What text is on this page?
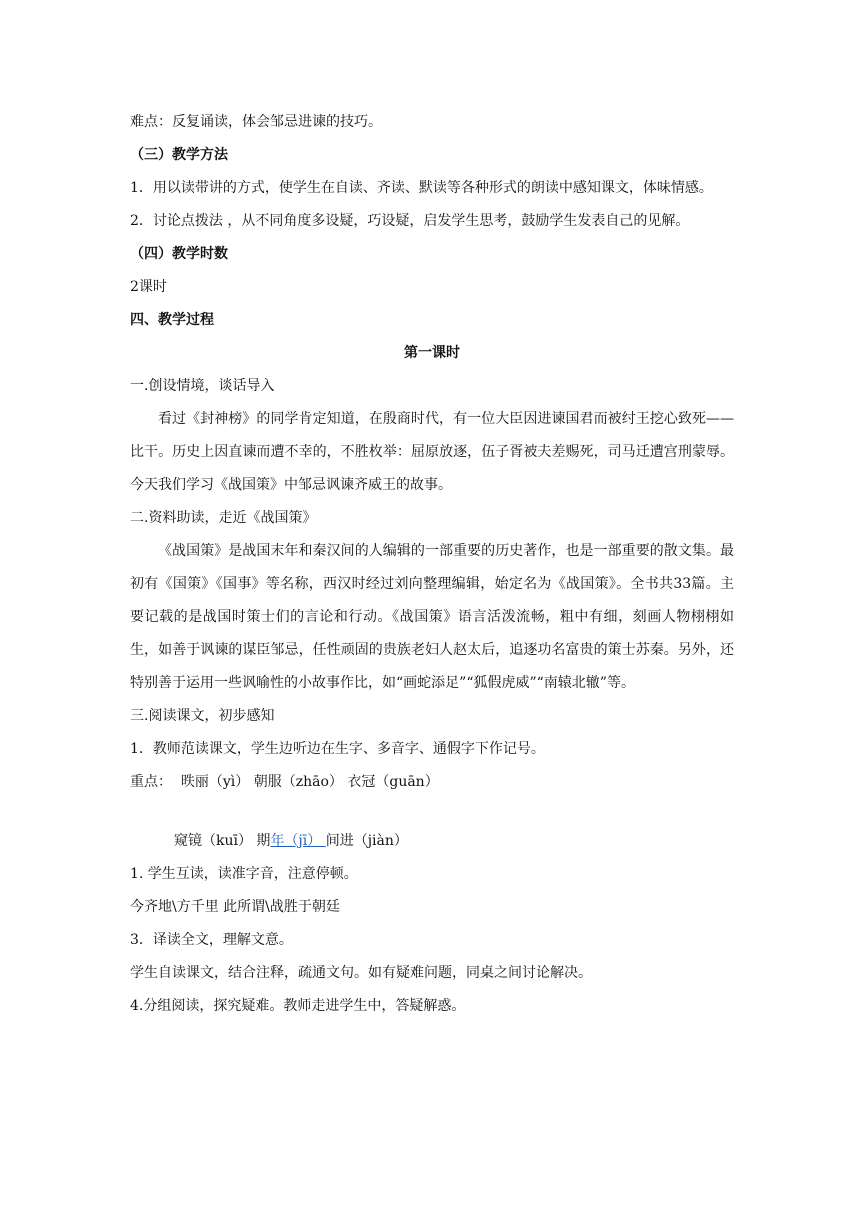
难点：反复诵读，体会邹忌进谏的技巧。

（三）教学方法

1．用以读带讲的方式，使学生在自读、齐读、默读等各种形式的朗读中感知课文，体味情感。

2．讨论点拨法 ，从不同角度多设疑，巧设疑，启发学生思考，鼓励学生发表自己的见解。

（四）教学时数

2课时

四、教学过程

第一课时

一.创设情境，谈话导入

看过《封神榜》的同学肯定知道，在殷商时代，有一位大臣因进谏国君而被纣王挖心致死——比干。历史上因直谏而遭不幸的，不胜枚举：屈原放逐，伍子胥被夫差赐死，司马迁遭宫刑蒙辱。今天我们学习《战国策》中邹忌讽谏齐威王的故事。

二.资料助读，走近《战国策》

《战国策》是战国末年和秦汉间的人编辑的一部重要的历史著作，也是一部重要的散文集。最初有《国策》《国事》等名称，西汉时经过刘向整理编辑，始定名为《战国策》。全书共33篇。主要记载的是战国时策士们的言论和行动。《战国策》语言活泼流畅，粗中有细，刻画人物栩栩如生，如善于讽谏的谋臣邹忌，任性顽固的贵族老妇人赵太后，追逐功名富贵的策士苏秦。另外，还特别善于运用一些讽喻性的小故事作比，如“画蛇添足”“狐假虎威”“南辕北辙”等。

三.阅读课文，初步感知

1．教师范读课文，学生边听边在生字、多音字、通假字下作记号。

重点：  昳丽（yì） 朝服（zhāo） 衣冠（guān）

窥镜（kuī） 期年（jī） 间进（jiàn）

1. 学生互读，读准字音，注意停顿。

今齐地\方千里 此所谓\战胜于朝廷

3．译读全文，理解文意。

学生自读课文，结合注释，疏通文句。如有疑难问题，同桌之间讨论解决。

4.分组阅读，探究疑难。教师走进学生中，答疑解惑。
